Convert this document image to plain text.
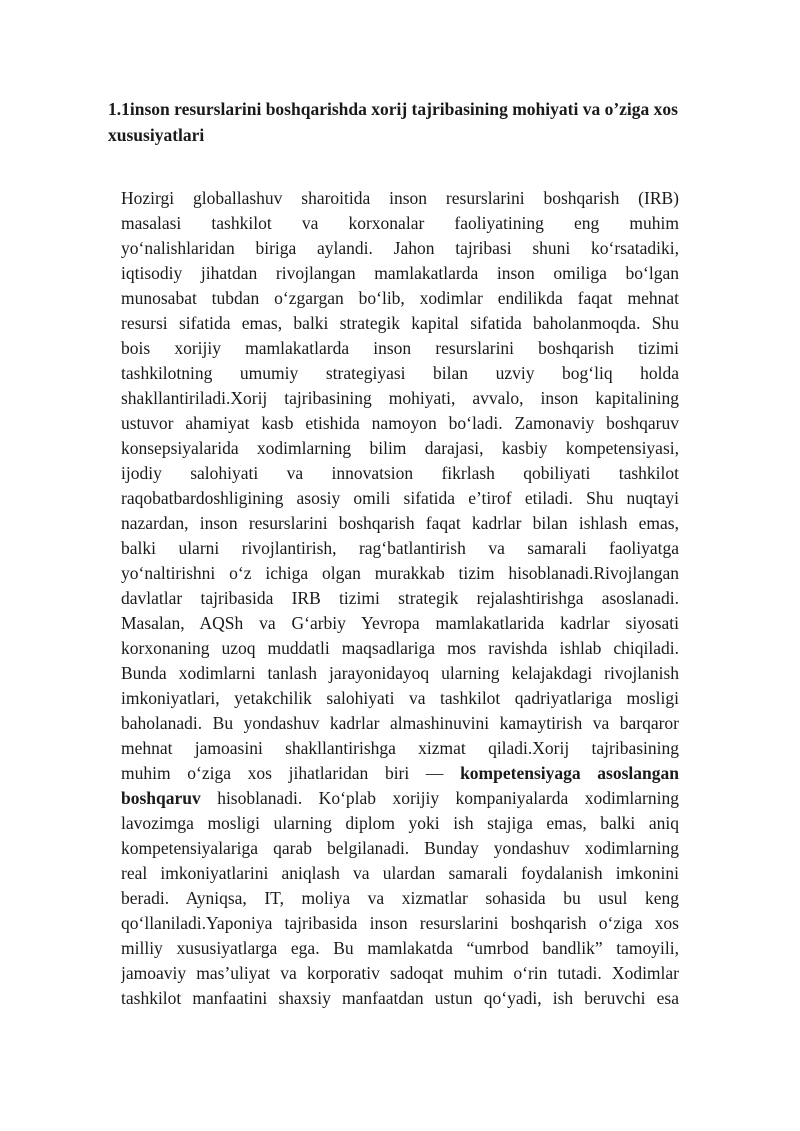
1.1inson resurslarini boshqarishda xorij tajribasining mohiyati va o’ziga xos
xususiyatlari

Hozirgi globallashuv sharoitida inson resurslarini boshqarish (IRB)
masalasi tashkilot va korxonalar faoliyatining eng muhim
yo‘nalishlaridan biriga aylandi. Jahon tajribasi shuni ko‘rsatadiki,
iqtisodiy jihatdan rivojlangan mamlakatlarda inson omiliga bo‘lgan
munosabat tubdan o‘zgargan bo‘lib, xodimlar endilikda faqat mehnat
resursi sifatida emas, balki strategik kapital sifatida baholanmoqda. Shu
bois xorijiy mamlakatlarda inson resurslarini boshqarish tizimi
tashkilotning umumiy strategiyasi bilan uzviy bog‘liq holda
shakllantiriladi.Xorij tajribasining mohiyati, avvalo, inson kapitalining
ustuvor ahamiyat kasb etishida namoyon bo‘ladi. Zamonaviy boshqaruv
konsepsiyalarida xodimlarning bilim darajasi, kasbiy kompetensiyasi,
ijodiy salohiyati va innovatsion fikrlash qobiliyati tashkilot
raqobatbardoshligining asosiy omili sifatida e’tirof etiladi. Shu nuqtayi
nazardan, inson resurslarini boshqarish faqat kadrlar bilan ishlash emas,
balki ularni rivojlantirish, rag‘batlantirish va samarali faoliyatga
yo‘naltirishni o‘z ichiga olgan murakkab tizim hisoblanadi.Rivojlangan
davlatlar tajribasida IRB tizimi strategik rejalashtirishga asoslanadi.
Masalan, AQSh va G‘arbiy Yevropa mamlakatlarida kadrlar siyosati
korxonaning uzoq muddatli maqsadlariga mos ravishda ishlab chiqiladi.
Bunda xodimlarni tanlash jarayonidayoq ularning kelajakdagi rivojlanish
imkoniyatlari, yetakchilik salohiyati va tashkilot qadriyatlariga mosligi
baholanadi. Bu yondashuv kadrlar almashinuvini kamaytirish va barqaror
mehnat jamoasini shakllantirishga xizmat qiladi.Xorij tajribasining
muhim o‘ziga xos jihatlaridan biri — kompetensiyaga asoslangan
boshqaruv hisoblanadi. Ko‘plab xorijiy kompaniyalarda xodimlarning
lavozimga mosligi ularning diplom yoki ish stajiga emas, balki aniq
kompetensiyalariga qarab belgilanadi. Bunday yondashuv xodimlarning
real imkoniyatlarini aniqlash va ulardan samarali foydalanish imkonini
beradi. Ayniqsa, IT, moliya va xizmatlar sohasida bu usul keng
qo‘llaniladi.Yaponiya tajribasida inson resurslarini boshqarish o‘ziga xos
milliy xususiyatlarga ega. Bu mamlakatda “umrbod bandlik” tamoyili,
jamoaviy mas’uliyat va korporativ sadoqat muhim o‘rin tutadi. Xodimlar
tashkilot manfaatini shaxsiy manfaatdan ustun qo‘yadi, ish beruvchi esa
